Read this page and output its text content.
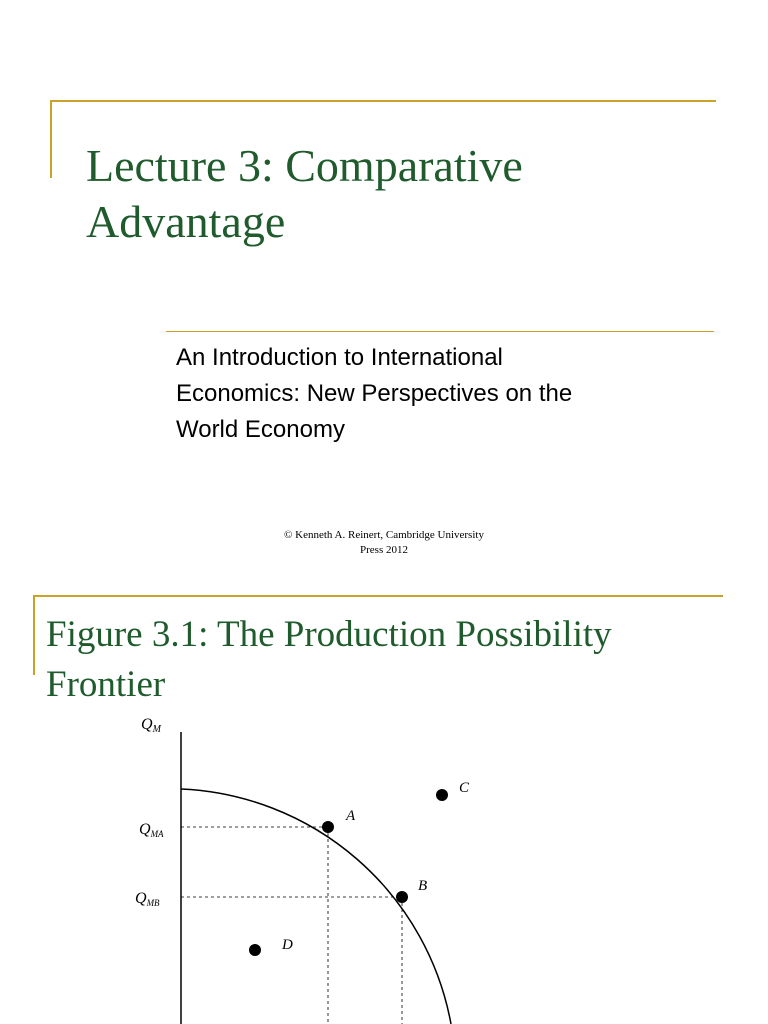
Lecture 3: Comparative
Advantage
An Introduction to International
Economics: New Perspectives on the
World Economy
© Kenneth A. Reinert, Cambridge University
Press 2012
Figure 3.1: The Production Possibility
Frontier
A
B
C
D
QM
QMA
QMB
